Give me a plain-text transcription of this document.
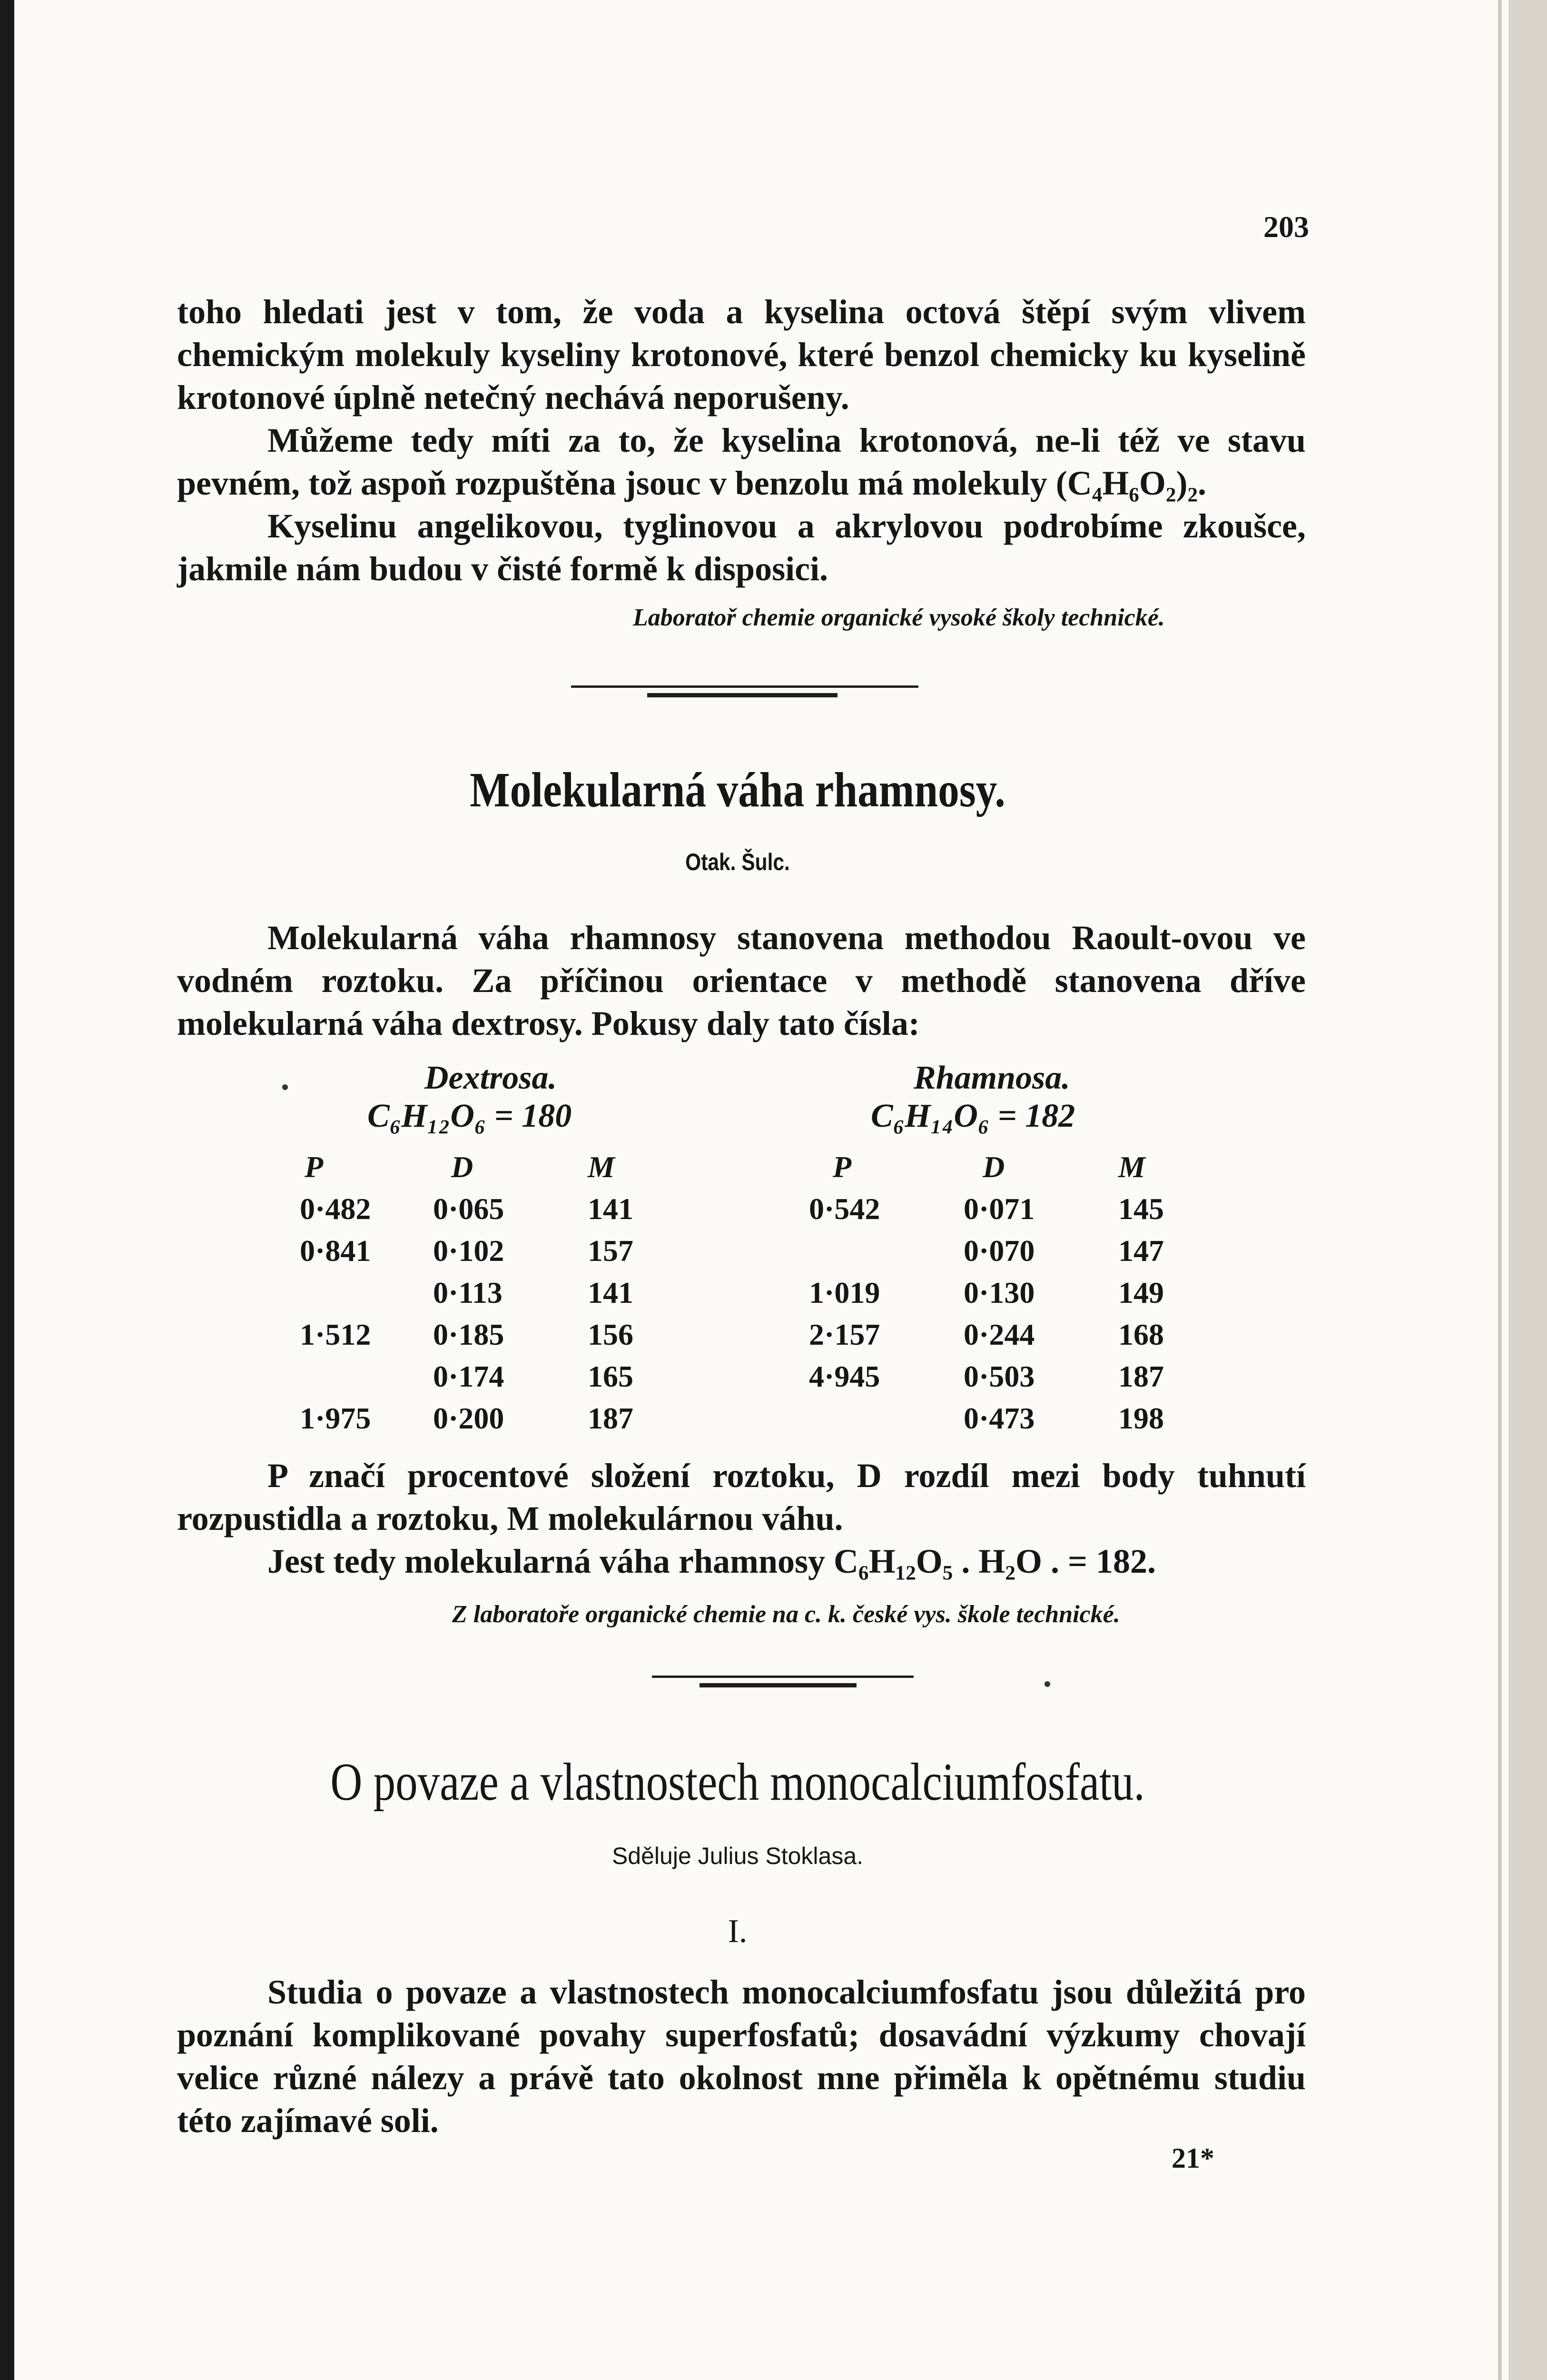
203

toho hledati jest v tom, že voda a kyselina octová štěpí svým vlivem chemickým molekuly kyseliny krotonové, které benzol chemicky ku kyselině krotonové úplně netečný nechává neporušeny.

Můžeme tedy míti za to, že kyselina krotonová, ne-li též ve stavu pevném, tož aspoň rozpuštěna jsouc v benzolu má molekuly (C₄H₆O₂)₂.

Kyselinu angelikovou, tyglinovou a akrylovou podrobíme zkoušce, jakmile nám budou v čisté formě k disposici.

Laboratoř chemie organické vysoké školy technické.
Molekularná váha rhamnosy.
Otak. Šulc.

Molekularná váha rhamnosy stanovena methodou Raoult-ovou ve vodném roztoku. Za příčinou orientace v methodě stanovena dříve molekularná váha dextrosy. Pokusy daly tato čísla:

Dextrosa.
C₆H₁₂O₆ = 180
Rhamnosa.
C₆H₁₄O₆ = 182
P	D	M
0·482	0·065	141
0·841	0·102	157
	0·113	141
1·512	0·185	156
	0·174	165
1·975	0·200	187
P	D	M
0·542	0·071	145
	0·070	147
1·019	0·130	149
2·157	0·244	168
4·945	0·503	187
	0·473	198

P značí procentové složení roztoku, D rozdíl mezi body tuhnutí rozpustidla a roztoku, M molekulárnou váhu.

Jest tedy molekularná váha rhamnosy C₆H₁₂O₅ . H₂O . = 182.

Z laboratoře organické chemie na c. k. české vys. škole technické.
O povaze a vlastnostech monocalciumfosfatu.
Sděluje Julius Stoklasa.
I.

Studia o povaze a vlastnostech monocalciumfosfatu jsou důležitá pro poznání komplikované povahy superfosfatů; dosavádní výzkumy chovají velice různé nálezy a právě tato okolnost mne přiměla k opětnému studiu této zajímavé soli.

21*
